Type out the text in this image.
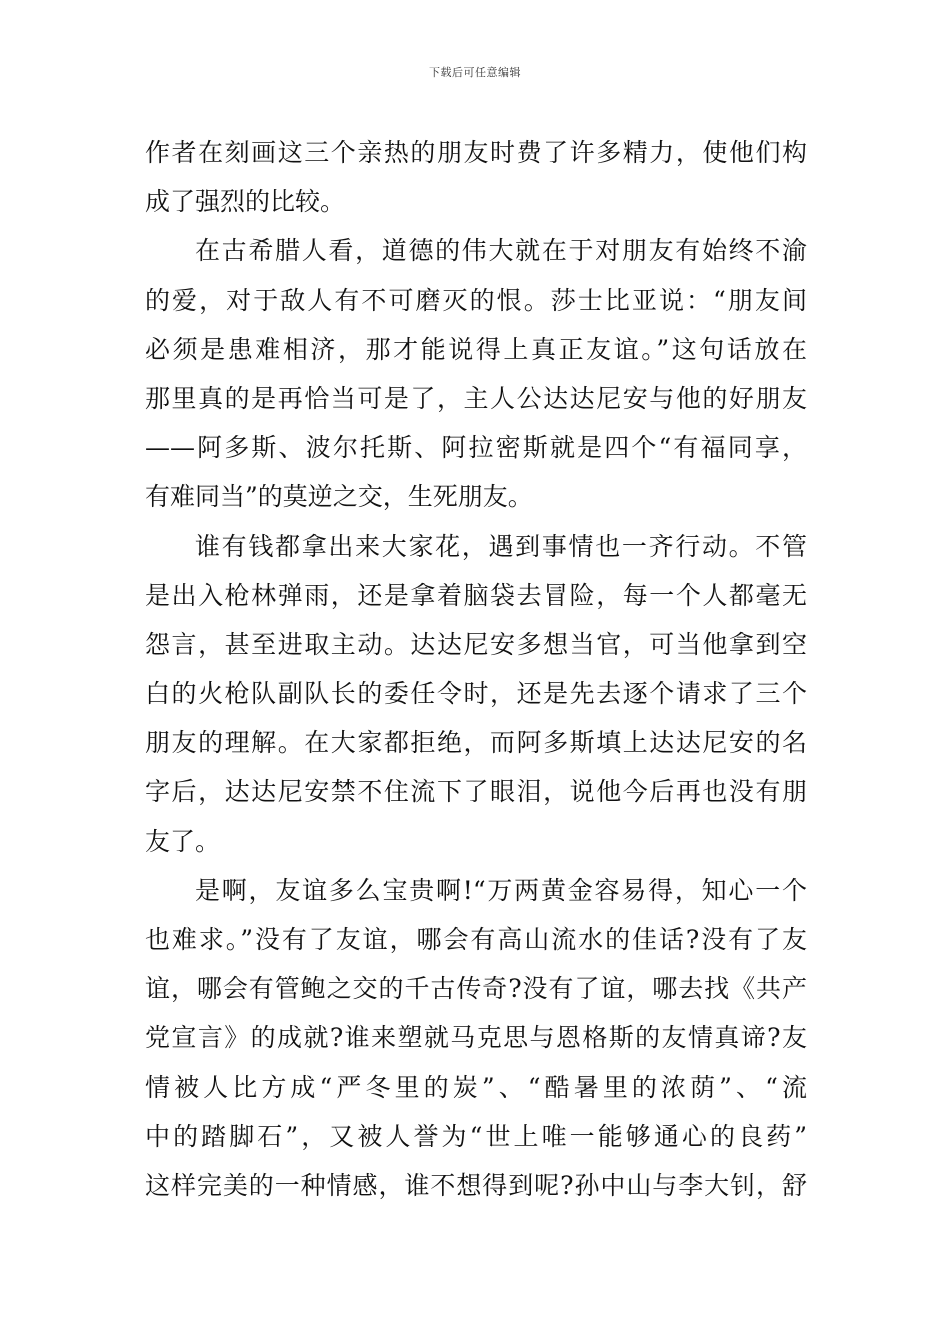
下载后可任意编辑
作者在刻画这三个亲热的朋友时费了许多精力，使他们构
成了强烈的比较。
在古希腊人看，道德的伟大就在于对朋友有始终不渝
的爱，对于敌人有不可磨灭的恨。莎士比亚说：“朋友间
必须是患难相济，那才能说得上真正友谊。”这句话放在
那里真的是再恰当可是了，主人公达达尼安与他的好朋友
——阿多斯、波尔托斯、阿拉密斯就是四个“有福同享，
有难同当”的莫逆之交，生死朋友。
谁有钱都拿出来大家花，遇到事情也一齐行动。不管
是出入枪林弹雨，还是拿着脑袋去冒险，每一个人都毫无
怨言，甚至进取主动。达达尼安多想当官，可当他拿到空
白的火枪队副队长的委任令时，还是先去逐个请求了三个
朋友的理解。在大家都拒绝，而阿多斯填上达达尼安的名
字后，达达尼安禁不住流下了眼泪，说他今后再也没有朋
友了。
是啊，友谊多么宝贵啊!“万两黄金容易得，知心一个
也难求。”没有了友谊，哪会有高山流水的佳话?没有了友
谊，哪会有管鲍之交的千古传奇?没有了谊，哪去找《共产
党宣言》的成就?谁来塑就马克思与恩格斯的友情真谛?友
情被人比方成“严冬里的炭”、“酷暑里的浓荫”、“流
中的踏脚石”，又被人誉为“世上唯一能够通心的良药”
这样完美的一种情感，谁不想得到呢?孙中山与李大钊，舒
